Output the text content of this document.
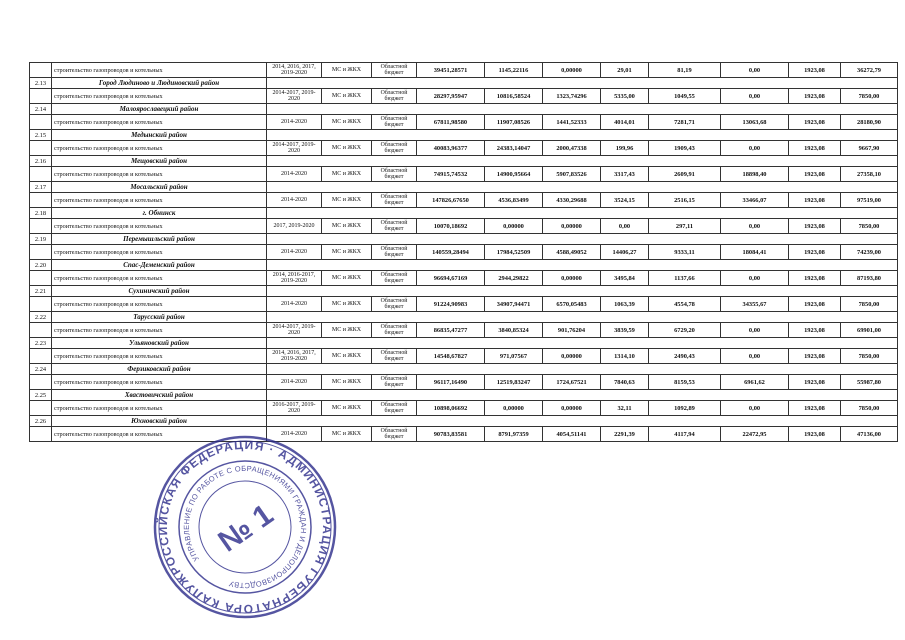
	строительство газопроводов и котельных	2014, 2016, 2017, 2019-2020	МС и ЖКХ	Областной бюджет	39451,28571	1145,22116	0,00000	29,01	81,19	0,00	1923,08	36272,79
2.13	Город Людиново и Людиновский район											
	строительство газопроводов и котельных	2014-2017, 2019-2020	МС и ЖКХ	Областной бюджет	28297,95947	10816,58524	1323,74296	5335,00	1049,55	0,00	1923,08	7850,00
2.14	Малоярославецкий район											
	строительство газопроводов и котельных	2014-2020	МС и ЖКХ	Областной бюджет	67811,98580	11907,08526	1441,52333	4014,01	7281,71	13063,68	1923,08	28180,90
2.15	Медынский район											
	строительство газопроводов и котельных	2014-2017, 2019-2020	МС и ЖКХ	Областной бюджет	40083,96377	24383,14047	2000,47338	199,96	1909,43	0,00	1923,08	9667,90
2.16	Мещовский район											
	строительство газопроводов и котельных	2014-2020	МС и ЖКХ	Областной бюджет	74915,74532	14900,95664	5907,83526	3317,43	2609,91	18898,40	1923,08	27358,10
2.17	Мосальский район											
	строительство газопроводов и котельных	2014-2020	МС и ЖКХ	Областной бюджет	147826,67650	4536,83499	4330,29688	3524,15	2516,15	33466,07	1923,08	97519,00
2.18	г. Обнинск											
	строительство газопроводов и котельных	2017, 2019-2020	МС и ЖКХ	Областной бюджет	10070,18692	0,00000	0,00000	0,00	297,11	0,00	1923,08	7850,00
2.19	Перемышльский район											
	строительство газопроводов и котельных	2014-2020	МС и ЖКХ	Областной бюджет	140559,28494	17984,52509	4588,49052	14406,27	9333,11	18084,41	1923,08	74239,00
2.20	Спас-Деменский район											
	строительство газопроводов и котельных	2014, 2016-2017, 2019-2020	МС и ЖКХ	Областной бюджет	96694,67169	2944,29822	0,00000	3495,84	1137,66	0,00	1923,08	87193,80
2.21	Сухиничский район											
	строительство газопроводов и котельных	2014-2020	МС и ЖКХ	Областной бюджет	91224,90983	34907,94471	6570,05483	1063,39	4554,78	34355,67	1923,08	7850,00
2.22	Тарусский район											
	строительство газопроводов и котельных	2014-2017, 2019-2020	МС и ЖКХ	Областной бюджет	86835,47277	3840,85324	901,76204	3839,59	6729,20	0,00	1923,08	69901,00
2.23	Ульяновский район											
	строительство газопроводов и котельных	2014, 2016, 2017, 2019-2020	МС и ЖКХ	Областной бюджет	14548,67827	971,07567	0,00000	1314,10	2490,43	0,00	1923,08	7850,00
2.24	Ферзиковский район											
	строительство газопроводов и котельных	2014-2020	МС и ЖКХ	Областной бюджет	96117,16490	12519,83247	1724,67521	7840,63	8159,53	6961,62	1923,08	55987,80
2.25	Хвастовичский район											
	строительство газопроводов и котельных	2016-2017, 2019-2020	МС и ЖКХ	Областной бюджет	10898,06692	0,00000	0,00000	32,11	1092,89	0,00	1923,08	7850,00
2.26	Юхновский район											
	строительство газопроводов и котельных	2014-2020	МС и ЖКХ	Областной бюджет	90783,83581	8791,97359	4054,51141	2291,39	4117,94	22472,95	1923,08	47136,00
РОССИЙСКАЯ ФЕДЕРАЦИЯ · АДМИНИСТРАЦИЯ ГУБЕРНАТОРА КАЛУЖСКОЙ
УПРАВЛЕНИЕ ПО РАБОТЕ С ОБРАЩЕНИЯМИ ГРАЖДАН И ДЕЛОПРОИЗВОДСТВУ
№ 1
